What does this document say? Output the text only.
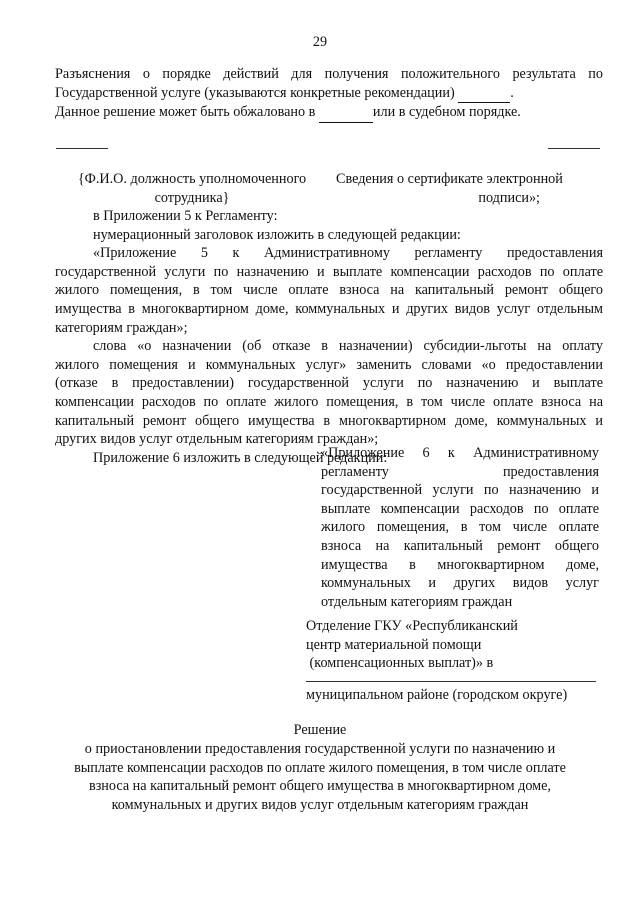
29
Разъяснения о порядке действий для получения положительного результата по
Государственной услуге (указываются конкретные рекомендации)	.
Данное решение может быть обжаловано в	или в судебном порядке.
{Ф.И.О. должность уполномоченного
сотрудника}
Сведения о сертификате электронной
подписи»;
в Приложении 5 к Регламенту:
нумерационный заголовок изложить в следующей редакции:
«Приложение 5 к Административному регламенту предоставления
государственной услуги по назначению и выплате компенсации расходов по оплате
жилого помещения, в том числе оплате взноса на капитальный ремонт общего
имущества в многоквартирном доме, коммунальных и других видов услуг отдельным
категориям граждан»;
слова «о назначении (об отказе в назначении) субсидии-льготы на оплату
жилого помещения и коммунальных услуг» заменить словами «о предоставлении
(отказе в предоставлении) государственной услуги по назначению и выплате
компенсации расходов по оплате жилого помещения, в том числе оплате взноса на
капитальный ремонт общего имущества в многоквартирном доме, коммунальных и
других видов услуг отдельным категориям граждан»;
Приложение 6 изложить в следующей редакции:
«Приложение 6 к Административному
регламенту предоставления
государственной услуги по назначению и
выплате компенсации расходов по оплате
жилого помещения, в том числе оплате
взноса на капитальный ремонт общего
имущества в многоквартирном доме,
коммунальных и других видов услуг
отдельным категориям граждан
Отделение ГКУ «Республиканский
центр материальной помощи
(компенсационных выплат)» в
муниципальном районе (городском округе)
Решение
о приостановлении предоставления государственной услуги по назначению и
выплате компенсации расходов по оплате жилого помещения, в том числе оплате
взноса на капитальный ремонт общего имущества в многоквартирном доме,
коммунальных и других видов услуг отдельным категориям граждан
